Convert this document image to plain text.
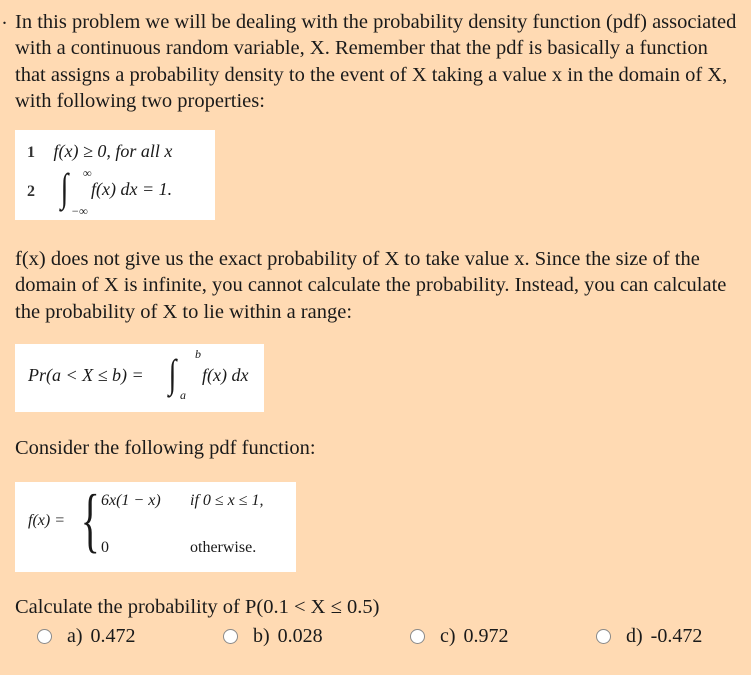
. In this problem we will be dealing with the probability density function (pdf) associated with a continuous random variable, X. Remember that the pdf is basically a function that assigns a probability density to the event of X taking a value x in the domain of X, with following two properties:

1 f(x) ≥ 0, for all x
2 ∫ ∞
−∞
f(x) dx = 1.

f(x) does not give us the exact probability of X to take value x. Since the size of the domain of X is infinite, you cannot calculate the probability. Instead, you can calculate the probability of X to lie within a range:

Pr(a < X ≤ b) = ∫ b
a
f(x) dx

Consider the following pdf function:

f(x) = { 6x(1 − x) if 0 ≤ x ≤ 1,
0	otherwise.

Calculate the probability of P(0.1 < X ≤ 0.5)

a) 0.472	b) 0.028	c) 0.972	d) -0.472
